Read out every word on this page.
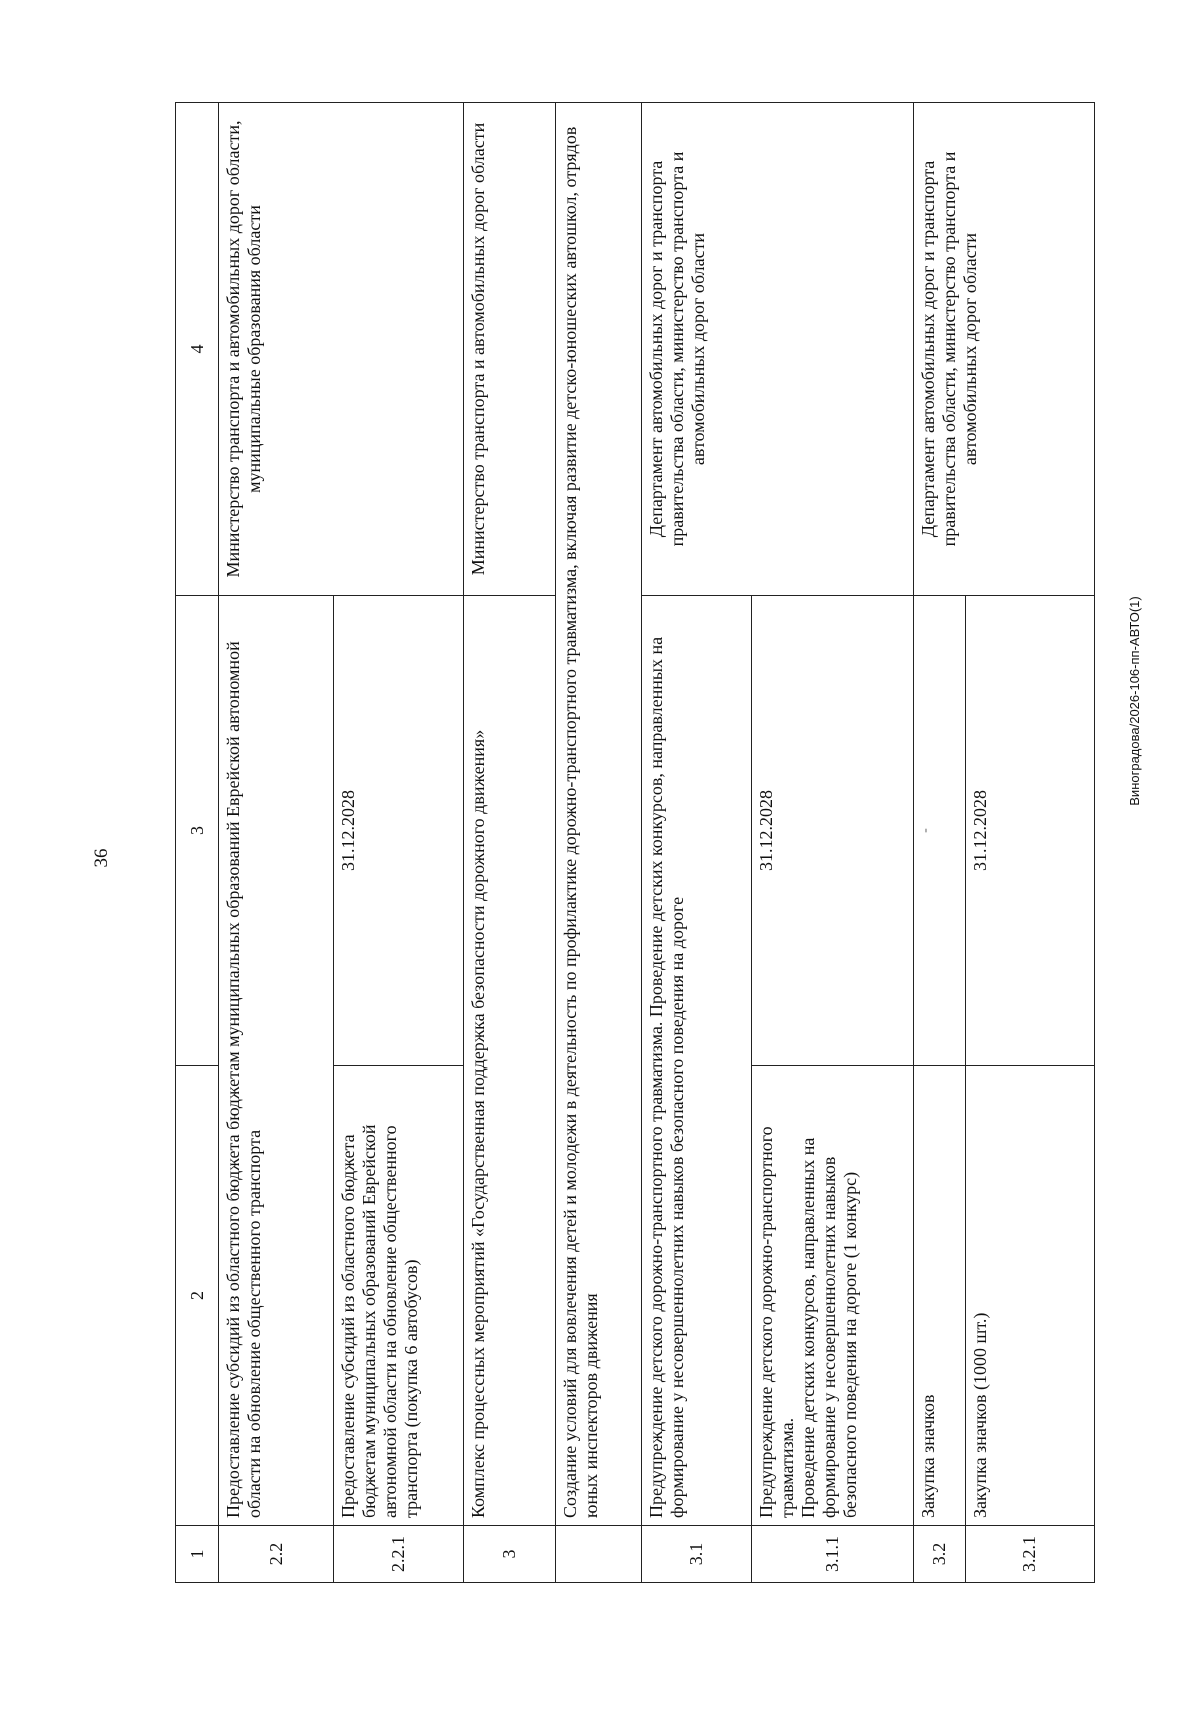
36
1	2	3	4
2.2	Предоставление субсидий из областного бюджета бюджетам муниципальных образований Еврейской автономной области на обновление общественного транспорта		Министерство транспорта и автомобильных дорог области, муниципальные образования области
2.2.1	Предоставление субсидий из областного бюджета бюджетам муниципальных образований Еврейской автономной области на обновление общественного транспорта (покупка 6 автобусов)	31.12.2028	
3	Комплекс процессных мероприятий «Государственная поддержка безопасности дорожного движения»		Министерство транспорта и автомобильных дорог области
	Создание условий для вовлечения детей и молодежи в деятельность по профилактике дорожно-транспортного травматизма, включая развитие детско-юношеских автошкол, отрядов юных инспекторов движения		
3.1	Предупреждение детского дорожно-транспортного травматизма. Проведение детских конкурсов, направленных на формирование у несовершеннолетних навыков безопасного поведения на дороге		Департамент автомобильных дорог и транспорта правительства области, министерство транспорта и автомобильных дорог области
3.1.1	Предупреждение детского дорожно-транспортного травматизма. Проведение детских конкурсов, направленных на формирование у несовершеннолетних навыков безопасного поведения на дороге (1 конкурс)	31.12.2028	
3.2	Закупка значков	-	Департамент автомобильных дорог и транспорта правительства области, министерство транспорта и автомобильных дорог области
3.2.1	Закупка значков (1000 шт.)	31.12.2028	
Виноградова/2026-106-пп-АВТО(1)
